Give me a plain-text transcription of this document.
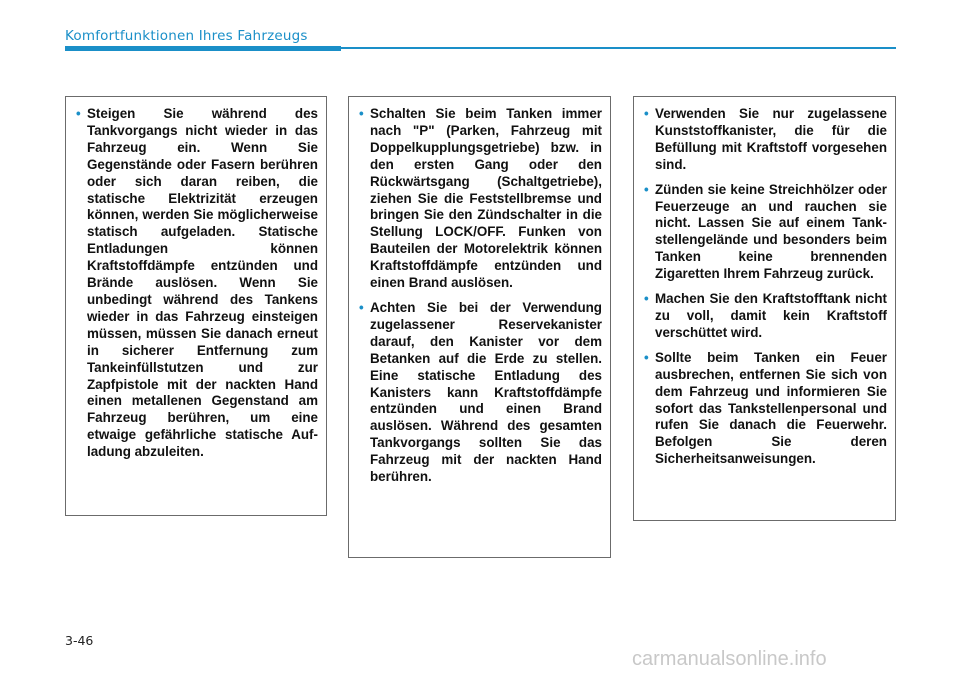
Komfortfunktionen Ihres Fahrzeugs
• Steigen Sie während des Tankvorgangs nicht wieder in das Fahrzeug ein. Wenn Sie Gegenstände oder Fasern berühren oder sich daran reiben, die statische Elektrizität erzeugen können, werden Sie möglicherweise statisch aufgeladen. Statische Entladungen können Kraftstoffdämpfe entzünden und Brände auslösen. Wenn Sie unbedingt während des Tankens wieder in das Fahrzeug einsteigen müssen, müssen Sie danach erneut in sicherer Entfernung zum Tankeinfüllstutzen und zur Zapfpistole mit der nackten Hand einen metallenen Gegenstand am Fahrzeug berühren, um eine etwaige gefährliche statische Aufladung abzuleiten.
• Schalten Sie beim Tanken immer nach "P" (Parken, Fahrzeug mit Doppelkupplungsgetriebe) bzw. in den ersten Gang oder den Rückwärtsgang (Schaltgetriebe), ziehen Sie die Feststellbremse und bringen Sie den Zündschalter in die Stellung LOCK/OFF. Funken von Bauteilen der Motorelektrik können Kraftstoffdämpfe entzünden und einen Brand auslösen.
• Achten Sie bei der Verwendung zugelassener Reservekanister darauf, den Kanister vor dem Betanken auf die Erde zu stellen. Eine statische Entladung des Kanisters kann Kraftstoffdämpfe entzünden und einen Brand auslösen. Während des gesamten Tankvorgangs sollten Sie das Fahrzeug mit der nackten Hand berühren.
• Verwenden Sie nur zugelassene Kunststoffkanister, die für die Befüllung mit Kraftstoff vorgesehen sind.
• Zünden sie keine Streichhölzer oder Feuerzeuge an und rauchen sie nicht. Lassen Sie auf einem Tankstellengelände und besonders beim Tanken keine brennenden Zigaretten Ihrem Fahrzeug zurück.
• Machen Sie den Kraftstofftank nicht zu voll, damit kein Kraftstoff verschüttet wird.
• Sollte beim Tanken ein Feuer ausbrechen, entfernen Sie sich von dem Fahrzeug und informieren Sie sofort das Tankstellenpersonal und rufen Sie danach die Feuerwehr. Befolgen Sie deren Sicherheitsanweisungen.
3-46
carmanualsonline.info
